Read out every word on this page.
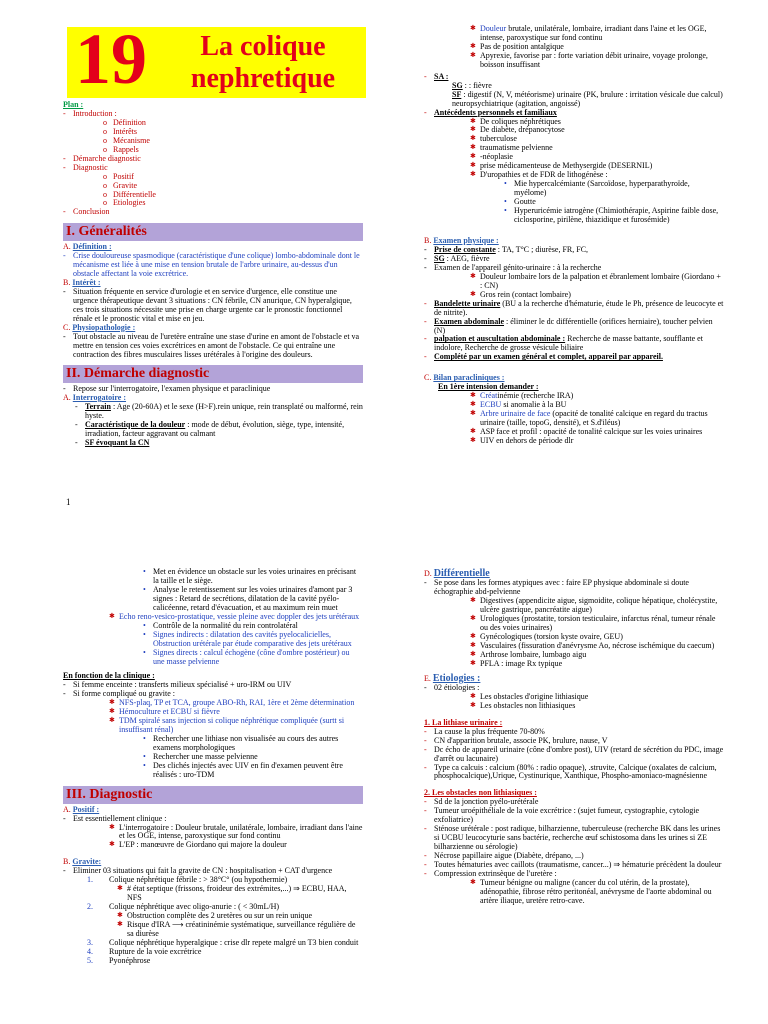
19	La colique
nephretique
Plan :
- Introduction :
o Définition
o Intérêts
o Mécanisme
o Rappels
- Démarche diagnostic
- Diagnostic
o Positif
o Gravite
o Différentielle
o Etiologies
- Conclusion
I. Généralités
A. Définition :
- Crise douloureuse spasmodique (caractéristique d'une colique) lombo-abdominale dont le mécanisme est liée à une mise en tension brutale de l'arbre urinaire, au-dessus d'un obstacle affectant la voie excrétrice.
B. Intérêt :
- Situation fréquente en service d'urologie et en service d'urgence, elle constitue une urgence thérapeutique devant 3 situations : CN fébrile, CN anurique, CN hyperalgique, ces trois situations nécessite une prise en charge urgente car le pronostic fonctionnel rénale et le pronostic vital et mise en jeu.
C. Physiopathologie :
- Tout obstacle au niveau de l'uretère entraîne une stase d'urine en amont de l'obstacle et va mettre en tension ces voies excrétrices en amont de l'obstacle. Ce qui entraîne une contraction des fibres musculaires lisses urétérales à l'origine des douleurs.
II. Démarche diagnostic
- Repose sur l'interrogatoire, l'examen physique et paraclinique
A. Interrogatoire :
- Terrain : Age (20-60A) et le sexe (H>F).rein unique, rein transplaté ou malformé, rein hyste.
- Caractéristique de la douleur : mode de début, évolution, siège, type, intensité, irradiation, facteur aggravant ou calmant
- SF évoquant la CN
1
✱ Douleur brutale, unilatérale, lombaire, irradiant dans l'aine et les OGE, intense, paroxystique sur fond continu
✱ Pas de position antalgique
✱ Apyrexie, favorise par : forte variation débit urinaire, voyage prolonge, boisson insuffisant
- SA :
SG : : fièvre
SF : digestif (N, V, météorisme) urinaire (PK, brulure : irritation vésicale due calcul) neuropsychiatrique (agitation, angoissé)
- Antécédents personnels et familiaux
✱ De coliques néphrétiques
✱ De diabète, drépanocytose
✱ tuberculose
✱ traumatisme pelvienne
✱ -néoplasie
✱ prise médicamenteuse de Methysergide (DESERNIL)
✱ D'uropathies et de FDR de lithogénèse :
• Mie hypercalcémiante (Sarcoïdose, hyperparathyroïde, myélome)
• Goutte
• Hyperuricémie iatrogène (Chimiothérapie, Aspirine faible dose, ciclosporine, pirilène, thiazidique et furosémide)
B. Examen physique :
- Prise de constante : TA, T°C ; diurèse, FR, FC,
- SG : AEG, fièvre
- Examen de l'appareil génito-urinaire : à la recherche
✱ Douleur lombaire lors de la palpation et ébranlement lombaire (Giordano + : CN)
✱ Gros rein (contact lombaire)
- Bandelette urinaire (BU a la recherche d'hématurie, étude le Ph, présence de leucocyte et de nitrite).
- Examen abdominale : éliminer le dc différentielle (orifices herniaire), toucher pelvien (N)
- palpation et auscultation abdominale : Recherche de masse battante, soufflante et indolore, Recherche de grosse vésicule biliaire
- Complété par un examen général et complet, appareil par appareil.
C. Bilan paracliniques :
En 1ère intension demander :
✱ Créatinémie (recherche IRA)
✱ ECBU si anomalie à la BU
✱ Arbre urinaire de face (opacité de tonalité calcique en regard du tractus urinaire (taille, topoG, densité), et S.d'iléus)
✱ ASP face et profil : opacité de tonalité calcique sur les voies urinaires
✱ UIV en dehors de période dlr
• Met en évidence un obstacle sur les voies urinaires en précisant la taille et le siège.
• Analyse le retentissement sur les voies urinaires d'amont par 3 signes : Retard de secrétions, dilatation de la cavité pyélo-calicéenne, retard d'évacuation, et au maximum rein muet
✱ Echo reno-vesico-prostatique, vessie pleine avec doppler des jets urétéraux
• Contrôle de la normalité du rein controlatéral
• Signes indirects : dilatation des cavités pyelocalicielles, Obstruction urétérale par étude comparative des jets urétéraux
• Signes directs : calcul échogène (cône d'ombre postérieur) ou une masse pelvienne
En fonction de la clinique :
- Si femme enceinte : transferts milieux spécialisé + uro-IRM ou UIV
- Si forme compliqué ou gravite :
✱ NFS-plaq, TP et TCA, groupe ABO-Rh, RAI, 1ère et 2ème détermination
✱ Hémoculture et ECBU si fièvre
✱ TDM spiralé sans injection si colique néphrétique compliquée (surtt si insuffisant rénal)
• Rechercher une lithiase non visualisée au cours des autres examens morphologiques
• Rechercher une masse pelvienne
• Des clichés injectés avec UIV en fin d'examen peuvent être réalisés : uro-TDM
III. Diagnostic
A. Positif :
- Est essentiellement clinique :
✱ L'interrogatoire : Douleur brutale, unilatérale, lombaire, irradiant dans l'aine et les OGE, intense, paroxystique sur fond continu
✱ L'EP : manœuvre de Giordano qui majore la douleur
B. Gravite:
- Eliminer 03 situations qui fait la gravite de CN : hospitalisation + CAT d'urgence
1.	Colique néphrétique fébrile : > 38°C° (ou hypothermie)
✱ # état septique (frissons, froideur des extrémites,...) ⇒ ECBU, HAA, NFS
2.	Colique néphrétique avec oligo-anurie : ( < 30mL/H)
✱ Obstruction complète des 2 uretères ou sur un rein unique
✱ Risque d'IRA ⟶ créatininémie systématique, surveillance régulière de sa diurèse
3.	Colique néphrétique hyperalgique : crise dlr repete malgré un T3 bien conduit
4.	Rupture de la voie excrétrice
5.	Pyonéphrose
D. Différentielle
- Se pose dans les formes atypiques avec : faire EP physique abdominale si doute échographie abd-pelvienne
✱ Digestives (appendicite aigue, sigmoidite, colique hépatique, cholécystite, ulcère gastrique, pancréatite aigue)
✱ Urologiques (prostatite, torsion testiculaire, infarctus rénal, tumeur rénale ou des voies urinaires)
✱ Gynécologiques (torsion kyste ovaire, GEU)
✱ Vasculaires (fissuration d'anévrysme Ao, nécrose ischémique du caecum)
✱ Arthrose lombaire, lumbago aigu
✱ PFLA : image Rx typique
E. Etiologies :
- 02 étiologies :
✱ Les obstacles d'origine lithiasique
✱ Les obstacles non lithiasiques
1. La lithiase urinaire :
- La cause la plus fréquente 70-80%
- CN d'apparition brutale, associe PK, brulure, nause, V
- Dc écho de appareil urinaire (cône d'ombre post), UIV (retard de sécrétion du PDC, image d'arrêt ou lacunaire)
- Type ca calcuis : calcium (80% : radio opaque), .struvite, Calcique (oxalates de calcium, phosphocalcique),Urique, Cystinurique, Xanthique, Phospho-amoniaco-magnésienne
2. Les obstacles non lithiasiques :
- Sd de la jonction pyélo-urétérale
- Tumeur uroépithéliale de la voie excrétrice : (sujet fumeur, cystographie, cytologie exfoliatrice)
- Sténose urétérale : post radique, bilharzienne, tuberculeuse (recherche BK dans les urines si UCBU leucocyturie sans bactérie, recherche œuf schistosoma dans les urines si ZE bilharzienne ou sérologie)
- Nécrose papillaire aigue (Diabète, drépano, ...)
- Toutes hématuries avec caillots (traumatisme, cancer...) ⇒ hématurie précèdent la douleur
- Compression extrinsèque de l'uretère :
✱ Tumeur bénigne ou maligne (cancer du col utérin, de la prostate), adénopathie, fibrose rétro peritonéal, anévrysme de l'aorte abdominal ou artère iliaque, uretère retro-cave.
